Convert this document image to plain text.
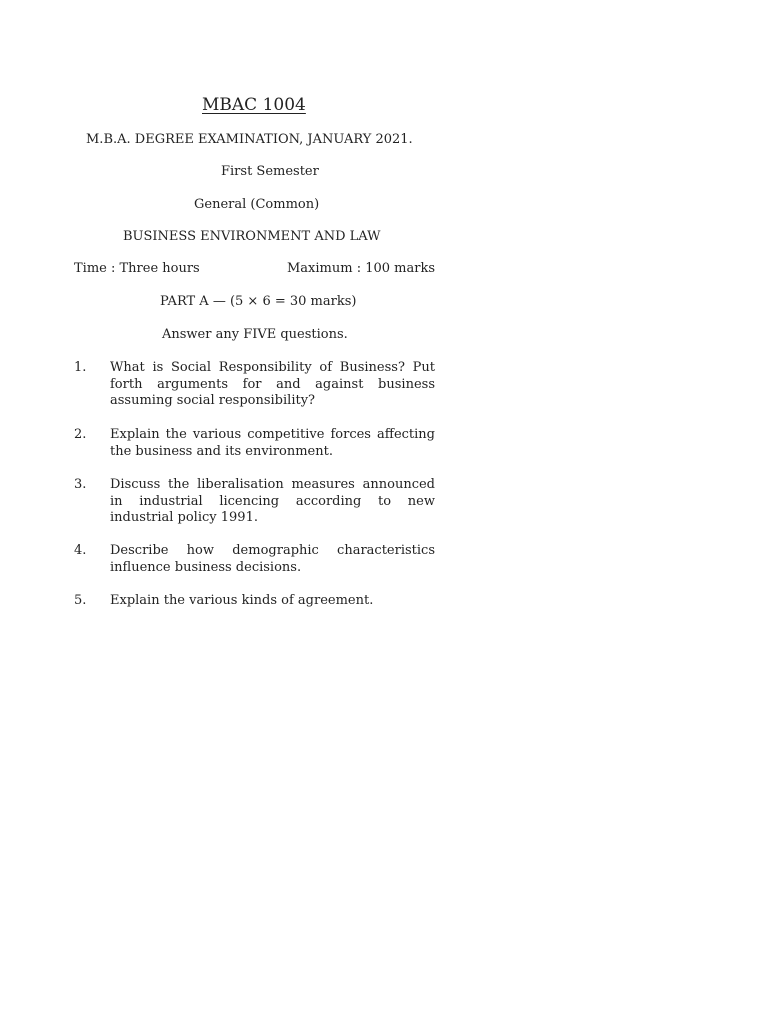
MBAC 1004
M.B.A. DEGREE EXAMINATION, JANUARY 2021.
First Semester
General (Common)
BUSINESS ENVIRONMENT AND LAW
Time : Three hours	Maximum : 100 marks
PART A — (5 × 6 = 30 marks)
Answer any FIVE questions.
1. What is Social Responsibility of Business? Put forth arguments for and against business assuming social responsibility?
2. Explain the various competitive forces affecting the business and its environment.
3. Discuss the liberalisation measures announced in industrial licencing according to new industrial policy 1991.
4. Describe how demographic characteristics influence business decisions.
5. Explain the various kinds of agreement.
